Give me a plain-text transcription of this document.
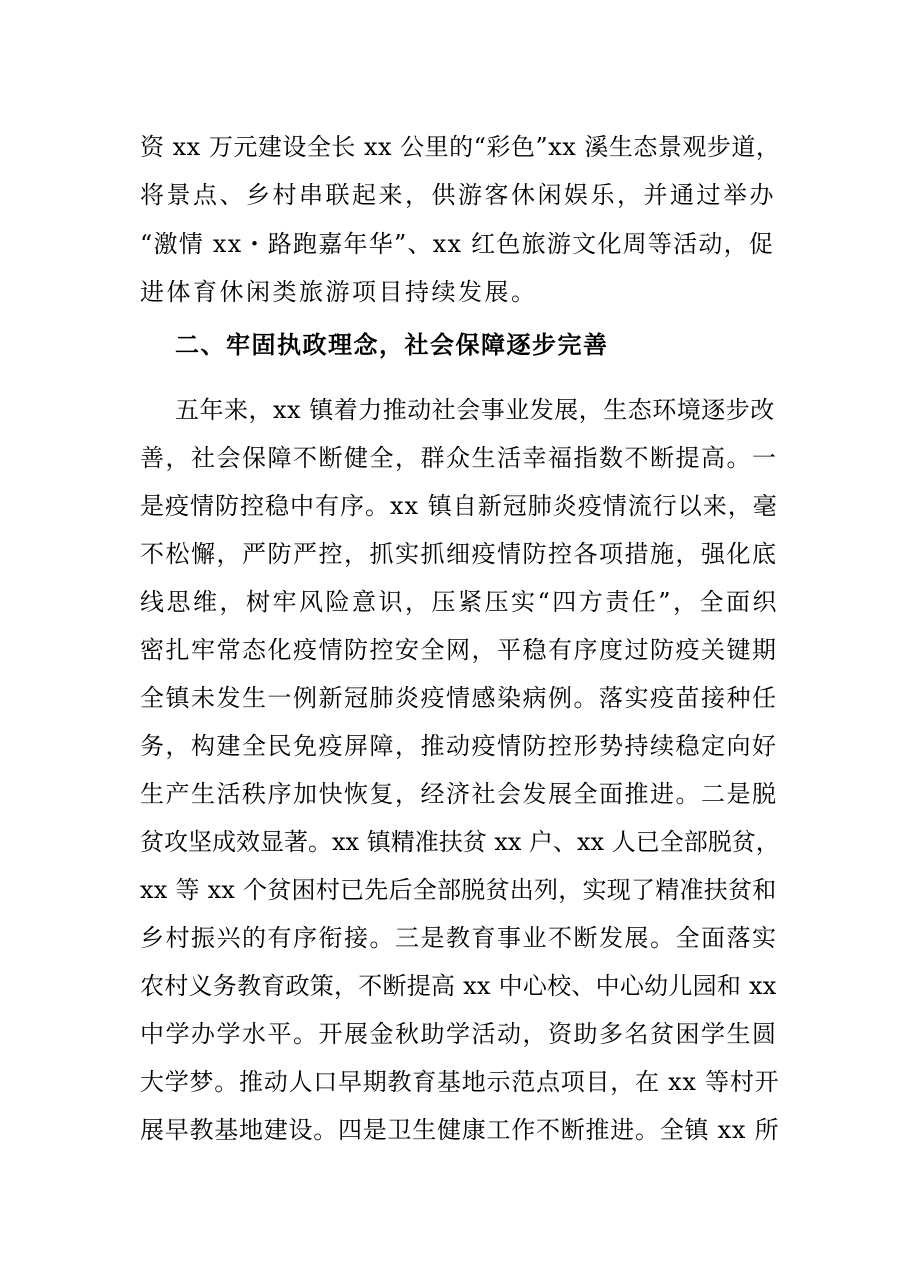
资 xx 万元建设全长 xx 公里的“彩色”xx 溪生态景观步道，
将景点、乡村串联起来，供游客休闲娱乐，并通过举办
“激情 xx・路跑嘉年华”、xx 红色旅游文化周等活动，促
进体育休闲类旅游项目持续发展。
二、牢固执政理念，社会保障逐步完善
五年来，xx 镇着力推动社会事业发展，生态环境逐步改
善，社会保障不断健全，群众生活幸福指数不断提高。一
是疫情防控稳中有序。xx 镇自新冠肺炎疫情流行以来，毫
不松懈，严防严控，抓实抓细疫情防控各项措施，强化底
线思维，树牢风险意识，压紧压实“四方责任”，全面织
密扎牢常态化疫情防控安全网，平稳有序度过防疫关键期
全镇未发生一例新冠肺炎疫情感染病例。落实疫苗接种任
务，构建全民免疫屏障，推动疫情防控形势持续稳定向好
生产生活秩序加快恢复，经济社会发展全面推进。二是脱
贫攻坚成效显著。xx 镇精准扶贫 xx 户、xx 人已全部脱贫，
xx 等 xx 个贫困村已先后全部脱贫出列，实现了精准扶贫和
乡村振兴的有序衔接。三是教育事业不断发展。全面落实
农村义务教育政策，不断提高 xx 中心校、中心幼儿园和 xx
中学办学水平。开展金秋助学活动，资助多名贫困学生圆
大学梦。推动人口早期教育基地示范点项目，在 xx 等村开
展早教基地建设。四是卫生健康工作不断推进。全镇 xx 所
